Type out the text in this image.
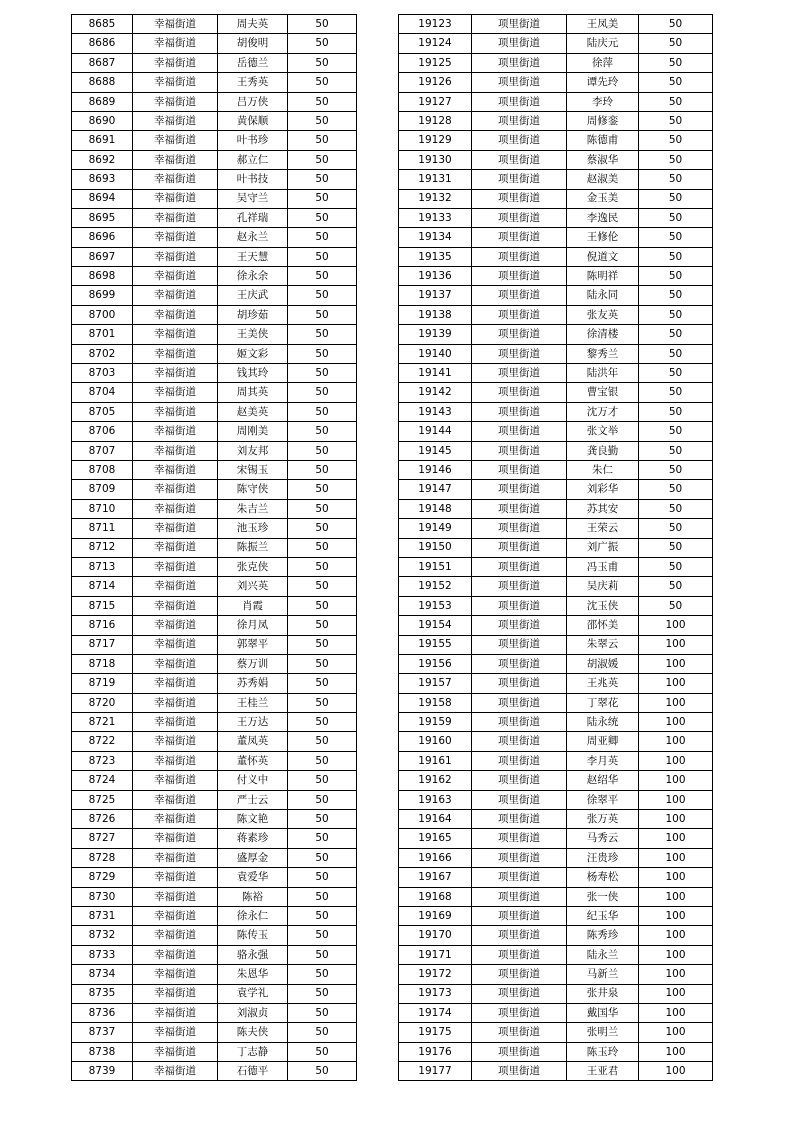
8685	幸福街道	周夫英	50
8686	幸福街道	胡俊明	50
8687	幸福街道	岳德兰	50
8688	幸福街道	王秀英	50
8689	幸福街道	吕万侠	50
8690	幸福街道	黄保顺	50
8691	幸福街道	叶书珍	50
8692	幸福街道	郝立仁	50
8693	幸福街道	叶书技	50
8694	幸福街道	吴守兰	50
8695	幸福街道	孔祥瑞	50
8696	幸福街道	赵永兰	50
8697	幸福街道	王天慧	50
8698	幸福街道	徐永余	50
8699	幸福街道	王庆武	50
8700	幸福街道	胡珍茹	50
8701	幸福街道	王美侠	50
8702	幸福街道	姬文彩	50
8703	幸福街道	钱其玲	50
8704	幸福街道	周其英	50
8705	幸福街道	赵美英	50
8706	幸福街道	周刚美	50
8707	幸福街道	刘友邦	50
8708	幸福街道	宋锡玉	50
8709	幸福街道	陈守侠	50
8710	幸福街道	朱吉兰	50
8711	幸福街道	池玉珍	50
8712	幸福街道	陈振兰	50
8713	幸福街道	张克侠	50
8714	幸福街道	刘兴英	50
8715	幸福街道	肖霞	50
8716	幸福街道	徐月凤	50
8717	幸福街道	郭翠平	50
8718	幸福街道	蔡万训	50
8719	幸福街道	苏秀娟	50
8720	幸福街道	王桂兰	50
8721	幸福街道	王万达	50
8722	幸福街道	董凤英	50
8723	幸福街道	董怀英	50
8724	幸福街道	付义中	50
8725	幸福街道	严士云	50
8726	幸福街道	陈文艳	50
8727	幸福街道	蒋素珍	50
8728	幸福街道	盛厚金	50
8729	幸福街道	袁爱华	50
8730	幸福街道	陈裕	50
8731	幸福街道	徐永仁	50
8732	幸福街道	陈传玉	50
8733	幸福街道	骆永强	50
8734	幸福街道	朱恩华	50
8735	幸福街道	袁学礼	50
8736	幸福街道	刘淑贞	50
8737	幸福街道	陈夫侠	50
8738	幸福街道	丁志静	50
8739	幸福街道	石德平	50
19123	项里街道	王凤美	50
19124	项里街道	陆庆元	50
19125	项里街道	徐萍	50
19126	项里街道	谭先玲	50
19127	项里街道	李玲	50
19128	项里街道	周修銮	50
19129	项里街道	陈德甫	50
19130	项里街道	蔡淑华	50
19131	项里街道	赵淑美	50
19132	项里街道	金玉美	50
19133	项里街道	李逸民	50
19134	项里街道	王修伦	50
19135	项里街道	倪道文	50
19136	项里街道	陈明祥	50
19137	项里街道	陆永同	50
19138	项里街道	张友英	50
19139	项里街道	徐清楼	50
19140	项里街道	黎秀兰	50
19141	项里街道	陆洪年	50
19142	项里街道	曹宝银	50
19143	项里街道	沈万才	50
19144	项里街道	张文举	50
19145	项里街道	龚良勤	50
19146	项里街道	朱仁	50
19147	项里街道	刘彩华	50
19148	项里街道	苏其安	50
19149	项里街道	王荣云	50
19150	项里街道	刘广振	50
19151	项里街道	冯玉甫	50
19152	项里街道	吴庆莉	50
19153	项里街道	沈玉侠	50
19154	项里街道	邵怀美	100
19155	项里街道	朱翠云	100
19156	项里街道	胡淑媛	100
19157	项里街道	王兆英	100
19158	项里街道	丁翠花	100
19159	项里街道	陆永统	100
19160	项里街道	周亚卿	100
19161	项里街道	李月英	100
19162	项里街道	赵绍华	100
19163	项里街道	徐翠平	100
19164	项里街道	张万英	100
19165	项里街道	马秀云	100
19166	项里街道	汪贵珍	100
19167	项里街道	杨寿松	100
19168	项里街道	张一侠	100
19169	项里街道	纪玉华	100
19170	项里街道	陈秀珍	100
19171	项里街道	陆永兰	100
19172	项里街道	马新兰	100
19173	项里街道	张井泉	100
19174	项里街道	戴国华	100
19175	项里街道	张明兰	100
19176	项里街道	陈玉玲	100
19177	项里街道	王亚君	100
